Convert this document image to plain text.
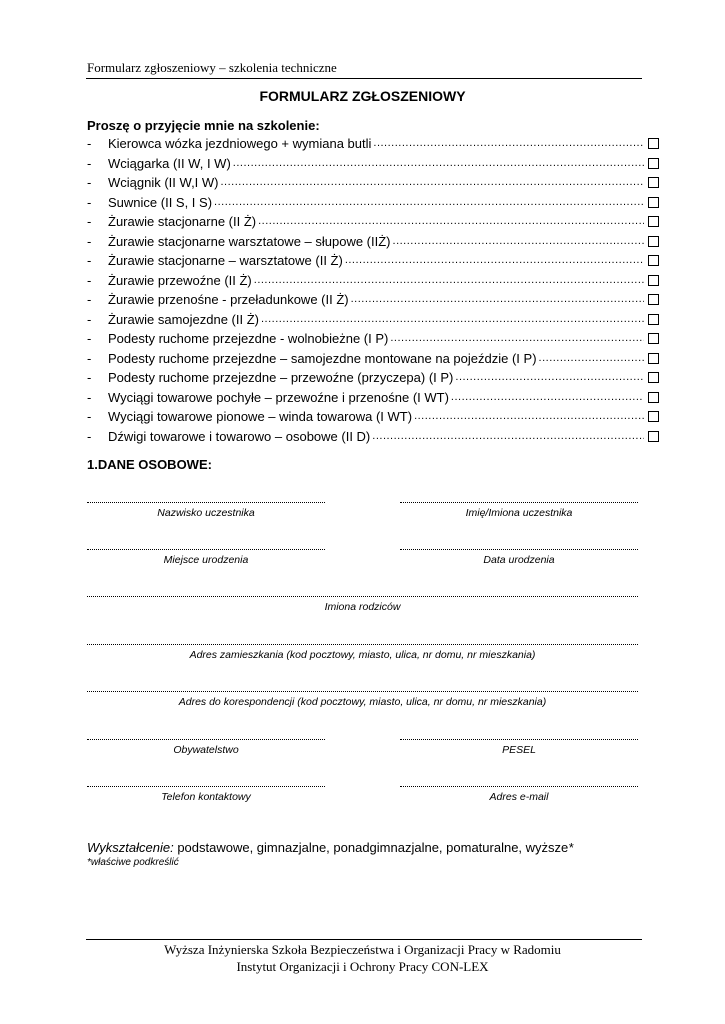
Formularz zgłoszeniowy – szkolenia techniczne
FORMULARZ ZGŁOSZENIOWY
Proszę o przyjęcie mnie na szkolenie:
-	Kierowca wózka jezdniowego + wymiana butli
.....
-	Wciągarka (II W, I W)
.....
-	Wciągnik (II W,I W)
.....
-	Suwnice (II S, I S)
.....
-	Żurawie stacjonarne (II Ż)
.....
-	Żurawie stacjonarne warsztatowe – słupowe (IIŻ)
.....
-	Żurawie stacjonarne – warsztatowe (II Ż)
.....
-	Żurawie przewoźne (II Ż)
.....
-	Żurawie przenośne - przeładunkowe (II Ż)
.....
-	Żurawie samojezdne (II Ż)
.....
-	Podesty ruchome przejezdne - wolnobieżne (I P)
.....
-	Podesty ruchome przejezdne – samojezdne montowane na pojeździe (I P)
.....
-	Podesty ruchome przejezdne – przewoźne (przyczepa) (I P)
.....
-	Wyciągi towarowe pochyłe – przewoźne i przenośne (I WT)
.....
-	Wyciągi towarowe pionowe – winda towarowa (I WT)
.....
-	Dźwigi towarowe i towarowo – osobowe (II D)
.....
1.DANE OSOBOWE:
Nazwisko uczestnika	Imię/Imiona uczestnika
Miejsce urodzenia	Data urodzenia
Imiona rodziców
Adres zamieszkania (kod pocztowy, miasto, ulica, nr domu, nr mieszkania)
Adres do korespondencji (kod pocztowy, miasto, ulica, nr domu, nr mieszkania)
Obywatelstwo	PESEL
Telefon kontaktowy	Adres e-mail
Wykształcenie: podstawowe, gimnazjalne, ponadgimnazjalne, pomaturalne, wyższe*
*właściwe podkreślić
Wyższa Inżynierska Szkoła Bezpieczeństwa i Organizacji Pracy w Radomiu
Instytut Organizacji i Ochrony Pracy CON-LEX
